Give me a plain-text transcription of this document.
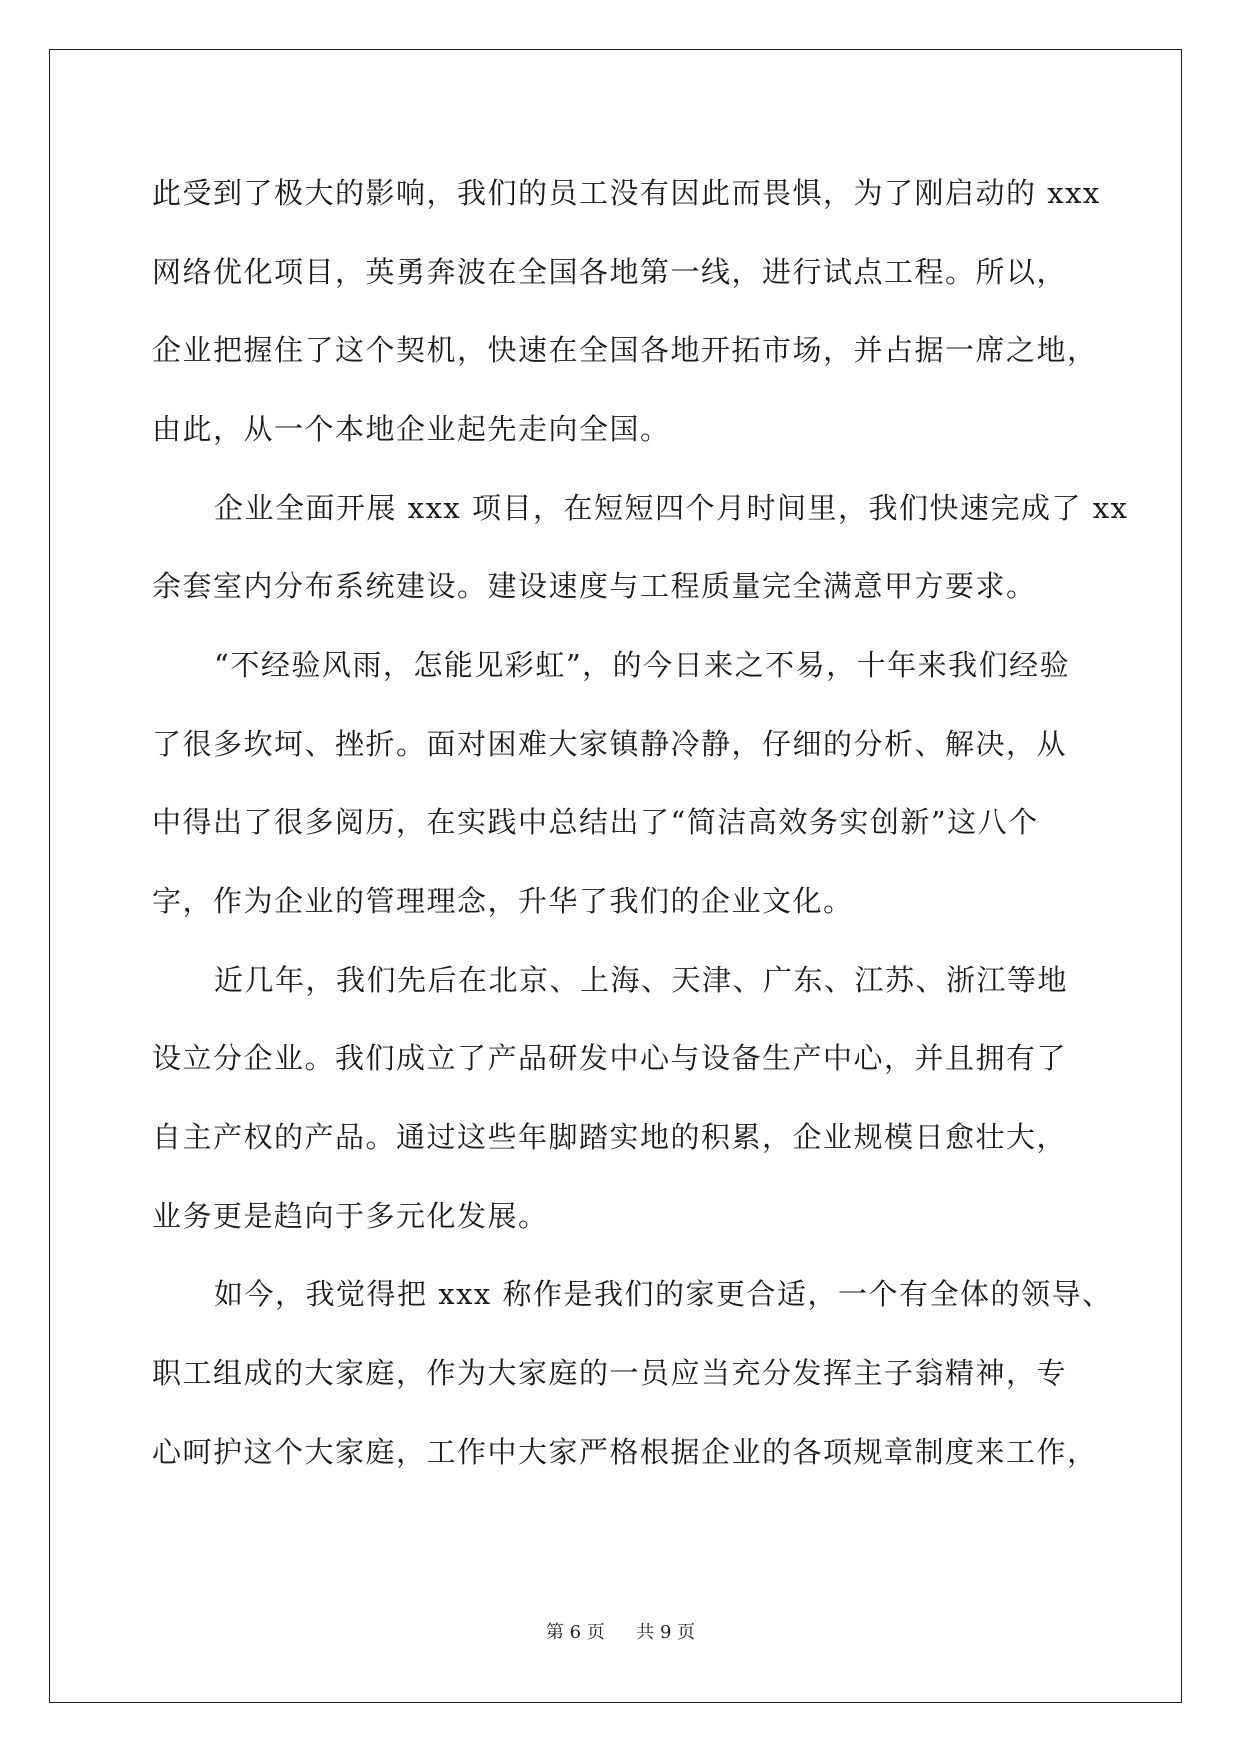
此受到了极大的影响，我们的员工没有因此而畏惧，为了刚启动的 xxx
网络优化项目，英勇奔波在全国各地第一线，进行试点工程。所以，
企业把握住了这个契机，快速在全国各地开拓市场，并占据一席之地，
由此，从一个本地企业起先走向全国。
企业全面开展 xxx 项目，在短短四个月时间里，我们快速完成了 xx
余套室内分布系统建设。建设速度与工程质量完全满意甲方要求。
“不经验风雨，怎能见彩虹”，的今日来之不易，十年来我们经验
了很多坎坷、挫折。面对困难大家镇静冷静，仔细的分析、解决，从
中得出了很多阅历，在实践中总结出了“简洁高效务实创新”这八个
字，作为企业的管理理念，升华了我们的企业文化。
近几年，我们先后在北京、上海、天津、广东、江苏、浙江等地
设立分企业。我们成立了产品研发中心与设备生产中心，并且拥有了
自主产权的产品。通过这些年脚踏实地的积累，企业规模日愈壮大，
业务更是趋向于多元化发展。
如今，我觉得把 xxx 称作是我们的家更合适，一个有全体的领导、
职工组成的大家庭，作为大家庭的一员应当充分发挥主子翁精神，专
心呵护这个大家庭，工作中大家严格根据企业的各项规章制度来工作，
第 6 页 共 9 页
